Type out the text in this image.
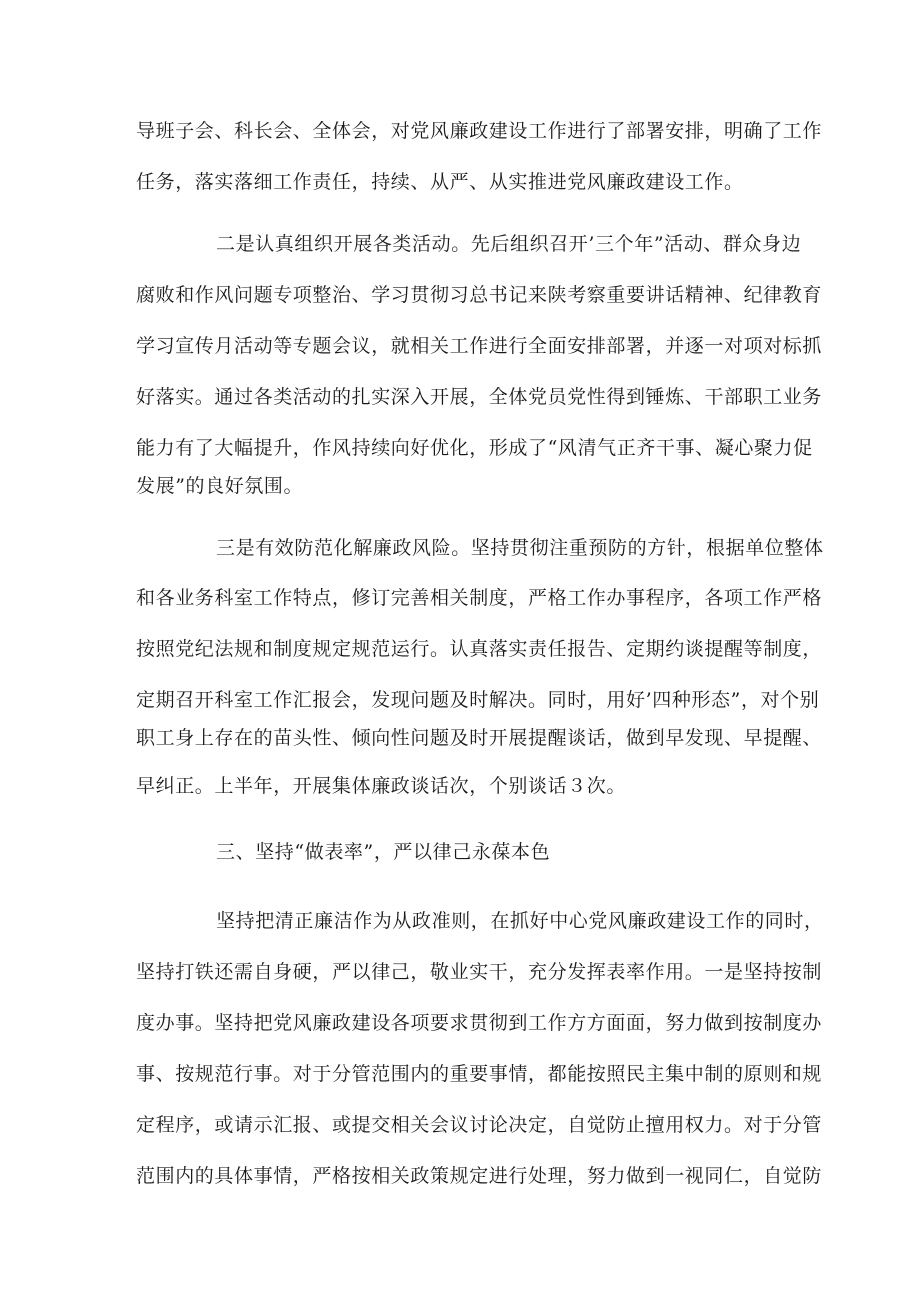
导班子会、科长会、全体会，对党风廉政建设工作进行了部署安排，明确了工作
任务，落实落细工作责任，持续、从严、从实推进党风廉政建设工作。
二是认真组织开展各类活动。先后组织召开’三个年”活动、群众身边
腐败和作风问题专项整治、学习贯彻习总书记来陕考察重要讲话精神、纪律教育
学习宣传月活动等专题会议，就相关工作进行全面安排部署，并逐一对项对标抓
好落实。通过各类活动的扎实深入开展，全体党员党性得到锤炼、干部职工业务
能力有了大幅提升，作风持续向好优化，形成了“风清气正齐干事、凝心聚力促
发展”的良好氛围。
三是有效防范化解廉政风险。坚持贯彻注重预防的方针，根据单位整体
和各业务科室工作特点，修订完善相关制度，严格工作办事程序，各项工作严格
按照党纪法规和制度规定规范运行。认真落实责任报告、定期约谈提醒等制度，
定期召开科室工作汇报会，发现问题及时解决。同时，用好’四种形态”，对个别
职工身上存在的苗头性、倾向性问题及时开展提醒谈话，做到早发现、早提醒、
早纠正。上半年，开展集体廉政谈话次，个别谈话３次。
三、坚持“做表率”，严以律己永葆本色
坚持把清正廉洁作为从政准则，在抓好中心党风廉政建设工作的同时，
坚持打铁还需自身硬，严以律己，敬业实干，充分发挥表率作用。一是坚持按制
度办事。坚持把党风廉政建设各项要求贯彻到工作方方面面，努力做到按制度办
事、按规范行事。对于分管范围内的重要事情，都能按照民主集中制的原则和规
定程序，或请示汇报、或提交相关会议讨论决定，自觉防止擅用权力。对于分管
范围内的具体事情，严格按相关政策规定进行处理，努力做到一视同仁，自觉防
